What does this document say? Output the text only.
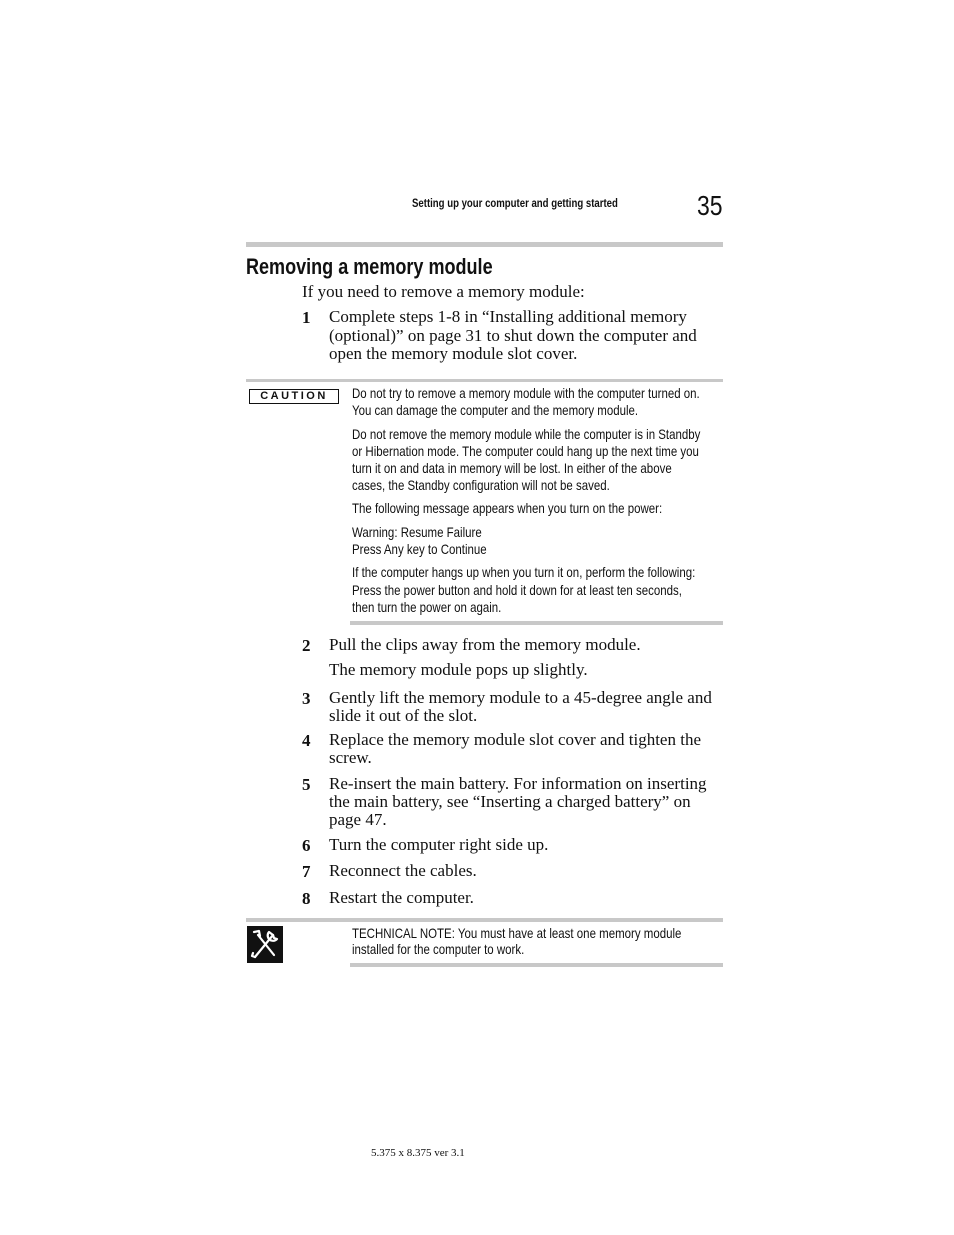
Setting up your computer and getting started	35
Removing a memory module
If you need to remove a memory module:
1 Complete steps 1-8 in “Installing additional memory
(optional)” on page 31 to shut down the computer and
open the memory module slot cover.
CAUTION	Do not try to remove a memory module with the computer turned on.
You can damage the computer and the memory module.
Do not remove the memory module while the computer is in Standby
or Hibernation mode. The computer could hang up the next time you
turn it on and data in memory will be lost. In either of the above
cases, the Standby configuration will not be saved.
The following message appears when you turn on the power:
Warning: Resume Failure
Press Any key to Continue
If the computer hangs up when you turn it on, perform the following:
Press the power button and hold it down for at least ten seconds,
then turn the power on again.
2 Pull the clips away from the memory module.
The memory module pops up slightly.
3 Gently lift the memory module to a 45-degree angle and
slide it out of the slot.
4 Replace the memory module slot cover and tighten the
screw.
5 Re-insert the main battery. For information on inserting
the main battery, see “Inserting a charged battery” on
page 47.
6 Turn the computer right side up.
7 Reconnect the cables.
8 Restart the computer.
TECHNICAL NOTE: You must have at least one memory module
installed for the computer to work.
5.375 x 8.375 ver 3.1
